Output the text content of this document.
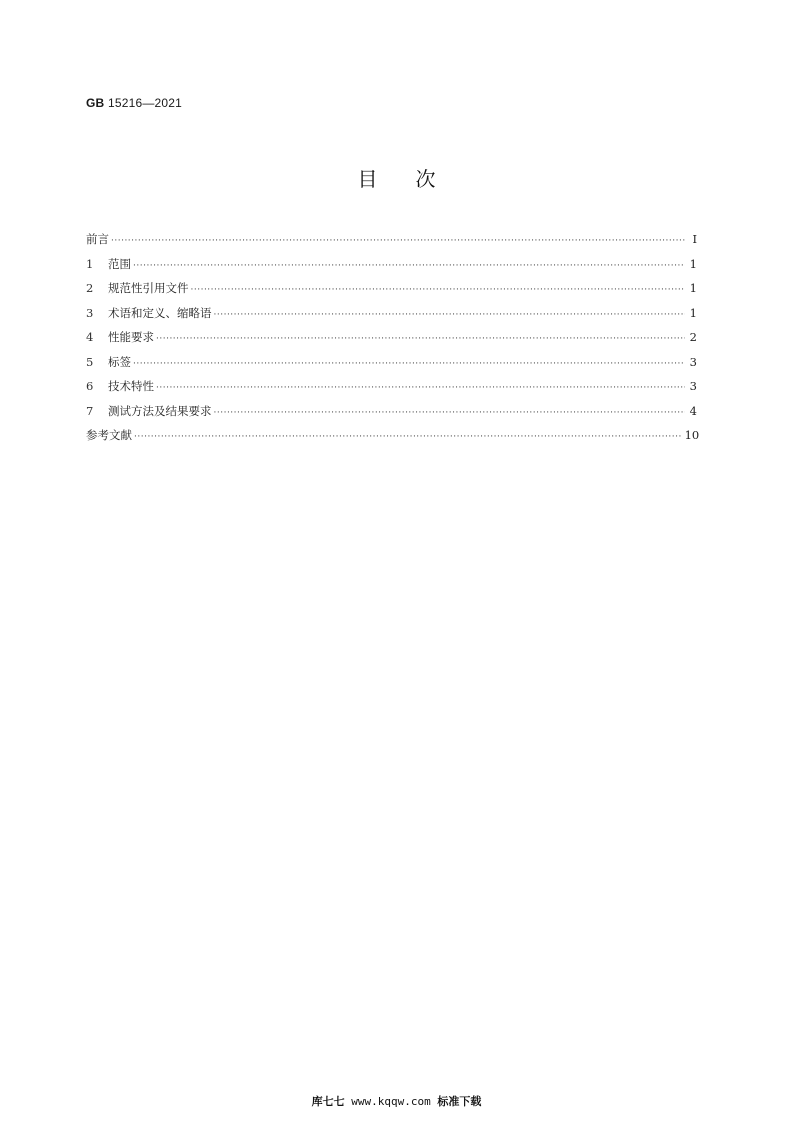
GB 15216—2021
目次
前言 ·····	Ⅰ
1	范围 ·····	1
2	规范性引用文件 ·····	1
3	术语和定义、缩略语 ·····	1
4	性能要求 ·····	2
5	标签 ·····	3
6	技术特性 ·····	3
7	测试方法及结果要求 ·····	4
参考文献 ·····	10
库七七 www.kqqw.com 标准下载
